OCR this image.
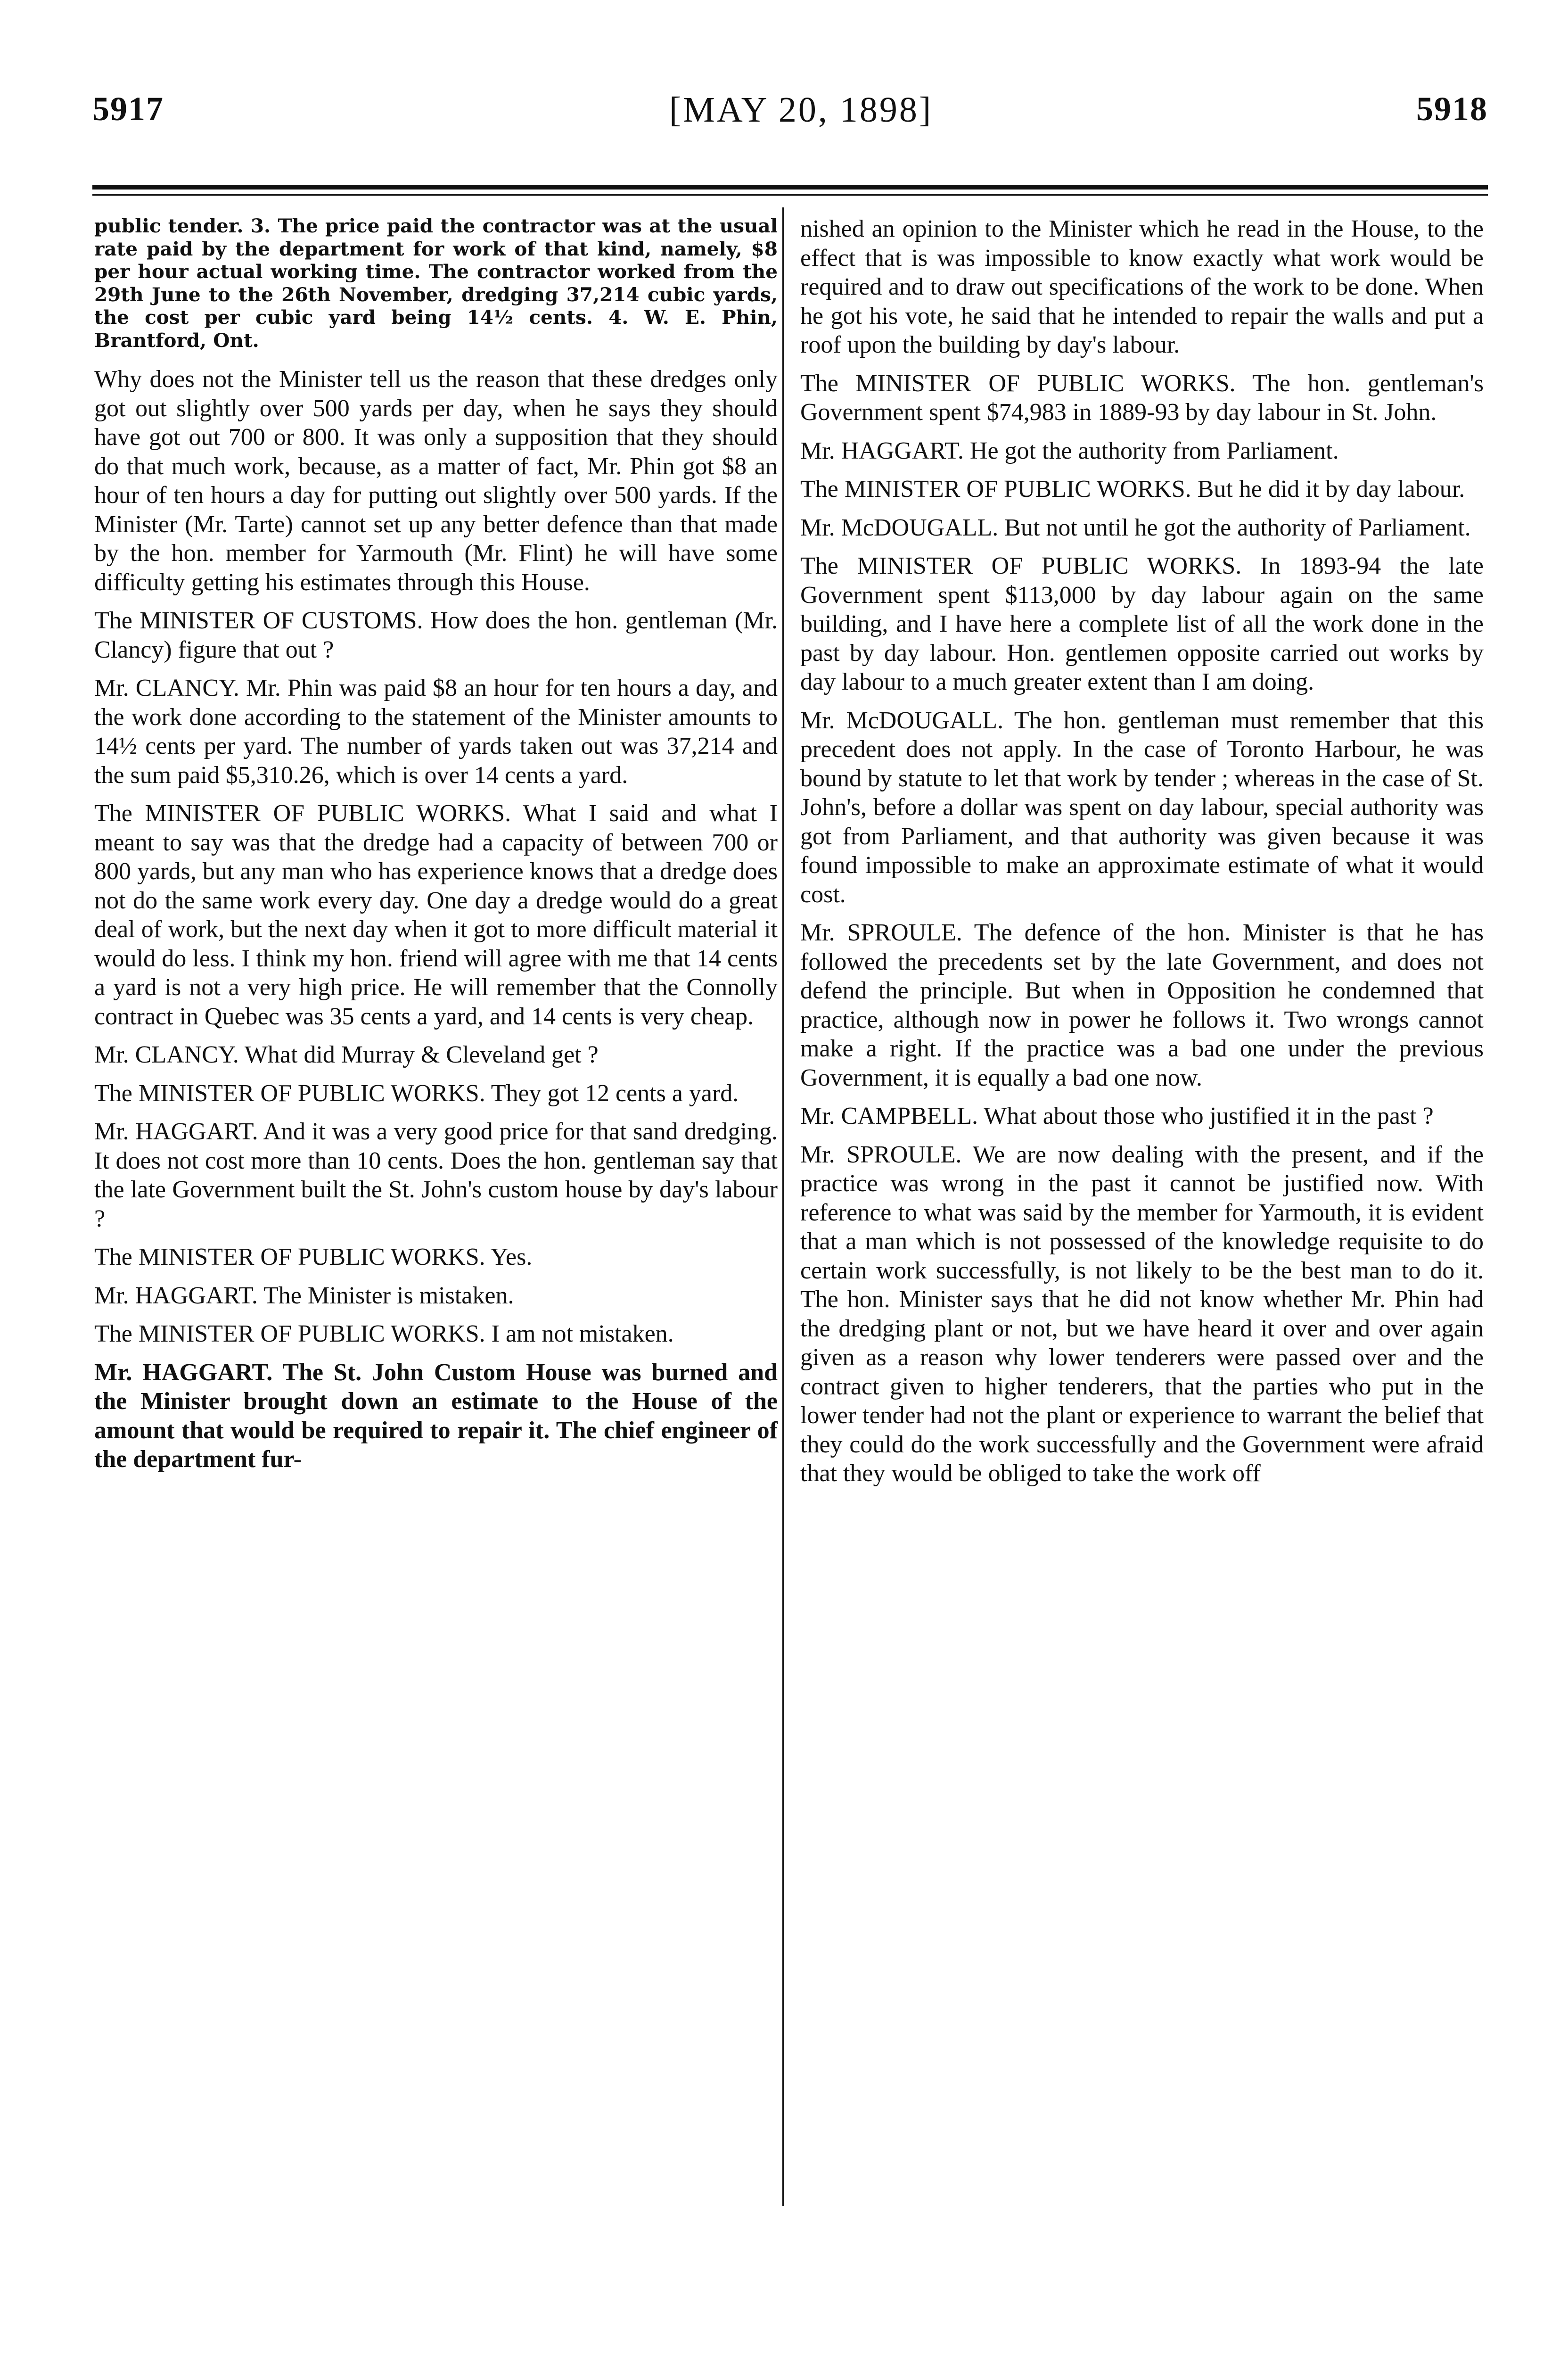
5917	[MAY 20, 1898]	5918

public tender. 3. The price paid the contractor was at the usual rate paid by the department for work of that kind, namely, $8 per hour actual working time. The contractor worked from the 29th June to the 26th November, dredging 37,214 cubic yards, the cost per cubic yard being 14½ cents. 4. W. E. Phin, Brantford, Ont.

Why does not the Minister tell us the reason that these dredges only got out slightly over 500 yards per day, when he says they should have got out 700 or 800. It was only a supposition that they should do that much work, because, as a matter of fact, Mr. Phin got $8 an hour of ten hours a day for putting out slightly over 500 yards. If the Minister (Mr. Tarte) cannot set up any better defence than that made by the hon. member for Yarmouth (Mr. Flint) he will have some difficulty getting his estimates through this House.

The MINISTER OF CUSTOMS. How does the hon. gentleman (Mr. Clancy) figure that out ?

Mr. CLANCY. Mr. Phin was paid $8 an hour for ten hours a day, and the work done according to the statement of the Minister amounts to 14½ cents per yard. The number of yards taken out was 37,214 and the sum paid $5,310.26, which is over 14 cents a yard.

The MINISTER OF PUBLIC WORKS. What I said and what I meant to say was that the dredge had a capacity of between 700 or 800 yards, but any man who has experience knows that a dredge does not do the same work every day. One day a dredge would do a great deal of work, but the next day when it got to more difficult material it would do less. I think my hon. friend will agree with me that 14 cents a yard is not a very high price. He will remember that the Connolly contract in Quebec was 35 cents a yard, and 14 cents is very cheap.

Mr. CLANCY. What did Murray & Cleveland get ?

The MINISTER OF PUBLIC WORKS. They got 12 cents a yard.

Mr. HAGGART. And it was a very good price for that sand dredging. It does not cost more than 10 cents. Does the hon. gentleman say that the late Government built the St. John's custom house by day's labour ?

The MINISTER OF PUBLIC WORKS. Yes.

Mr. HAGGART. The Minister is mistaken.

The MINISTER OF PUBLIC WORKS. I am not mistaken.

Mr. HAGGART. The St. John Custom House was burned and the Minister brought down an estimate to the House of the amount that would be required to repair it. The chief engineer of the department fur-

nished an opinion to the Minister which he read in the House, to the effect that is was impossible to know exactly what work would be required and to draw out specifications of the work to be done. When he got his vote, he said that he intended to repair the walls and put a roof upon the building by day's labour.

The MINISTER OF PUBLIC WORKS. The hon. gentleman's Government spent $74,983 in 1889-93 by day labour in St. John.

Mr. HAGGART. He got the authority from Parliament.

The MINISTER OF PUBLIC WORKS. But he did it by day labour.

Mr. McDOUGALL. But not until he got the authority of Parliament.

The MINISTER OF PUBLIC WORKS. In 1893-94 the late Government spent $113,000 by day labour again on the same building, and I have here a complete list of all the work done in the past by day labour. Hon. gentlemen opposite carried out works by day labour to a much greater extent than I am doing.

Mr. McDOUGALL. The hon. gentleman must remember that this precedent does not apply. In the case of Toronto Harbour, he was bound by statute to let that work by tender ; whereas in the case of St. John's, before a dollar was spent on day labour, special authority was got from Parliament, and that authority was given because it was found impossible to make an approximate estimate of what it would cost.

Mr. SPROULE. The defence of the hon. Minister is that he has followed the precedents set by the late Government, and does not defend the principle. But when in Opposition he condemned that practice, although now in power he follows it. Two wrongs cannot make a right. If the practice was a bad one under the previous Government, it is equally a bad one now.

Mr. CAMPBELL. What about those who justified it in the past ?

Mr. SPROULE. We are now dealing with the present, and if the practice was wrong in the past it cannot be justified now. With reference to what was said by the member for Yarmouth, it is evident that a man which is not possessed of the knowledge requisite to do certain work successfully, is not likely to be the best man to do it. The hon. Minister says that he did not know whether Mr. Phin had the dredging plant or not, but we have heard it over and over again given as a reason why lower tenderers were passed over and the contract given to higher tenderers, that the parties who put in the lower tender had not the plant or experience to warrant the belief that they could do the work successfully and the Government were afraid that they would be obliged to take the work off
